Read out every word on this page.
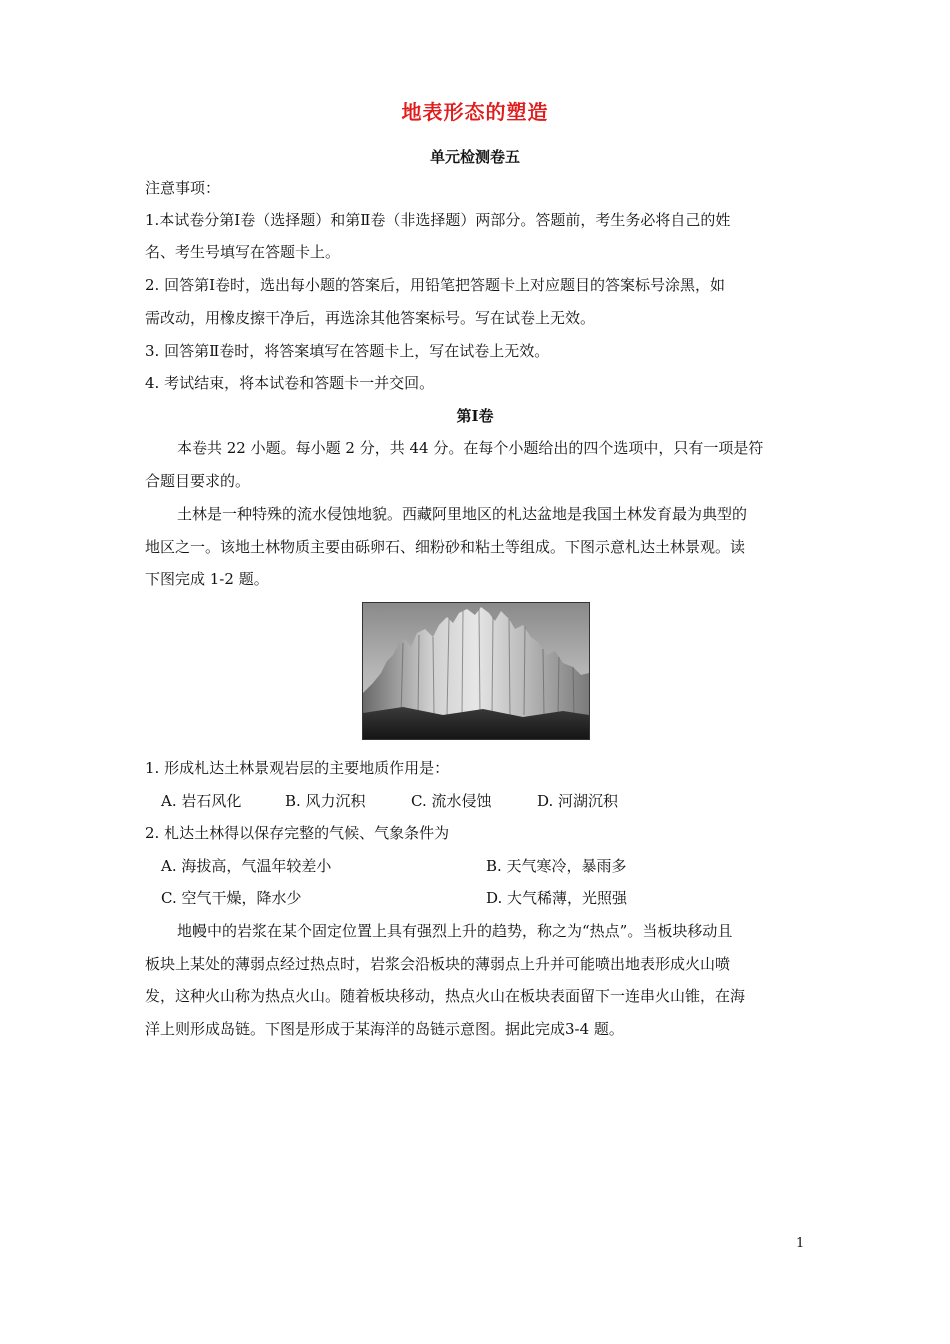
地表形态的塑造
单元检测卷五
注意事项：
1.本试卷分第Ⅰ卷（选择题）和第Ⅱ卷（非选择题）两部分。答题前，考生务必将自己的姓
名、考生号填写在答题卡上。
2. 回答第Ⅰ卷时，选出每小题的答案后，用铅笔把答题卡上对应题目的答案标号涂黑，如
需改动，用橡皮擦干净后，再选涂其他答案标号。写在试卷上无效。
3. 回答第Ⅱ卷时，将答案填写在答题卡上，写在试卷上无效。
4. 考试结束，将本试卷和答题卡一并交回。
第Ⅰ卷
本卷共 22 小题。每小题 2 分，共 44 分。在每个小题给出的四个选项中，只有一项是符
合题目要求的。
土林是一种特殊的流水侵蚀地貌。西藏阿里地区的札达盆地是我国土林发育最为典型的
地区之一。该地土林物质主要由砾卵石、细粉砂和粘土等组成。下图示意札达土林景观。读
下图完成 1-2 题。
1. 形成札达土林景观岩层的主要地质作用是：
A. 岩石风化	B. 风力沉积	C. 流水侵蚀	D. 河湖沉积
2. 札达土林得以保存完整的气候、气象条件为
A. 海拔高，气温年较差小	B. 天气寒冷，暴雨多
C. 空气干燥，降水少	D. 大气稀薄，光照强
地幔中的岩浆在某个固定位置上具有强烈上升的趋势，称之为“热点”。当板块移动且
板块上某处的薄弱点经过热点时，岩浆会沿板块的薄弱点上升并可能喷出地表形成火山喷
发，这种火山称为热点火山。随着板块移动，热点火山在板块表面留下一连串火山锥，在海
洋上则形成岛链。下图是形成于某海洋的岛链示意图。据此完成3-4 题。
1
